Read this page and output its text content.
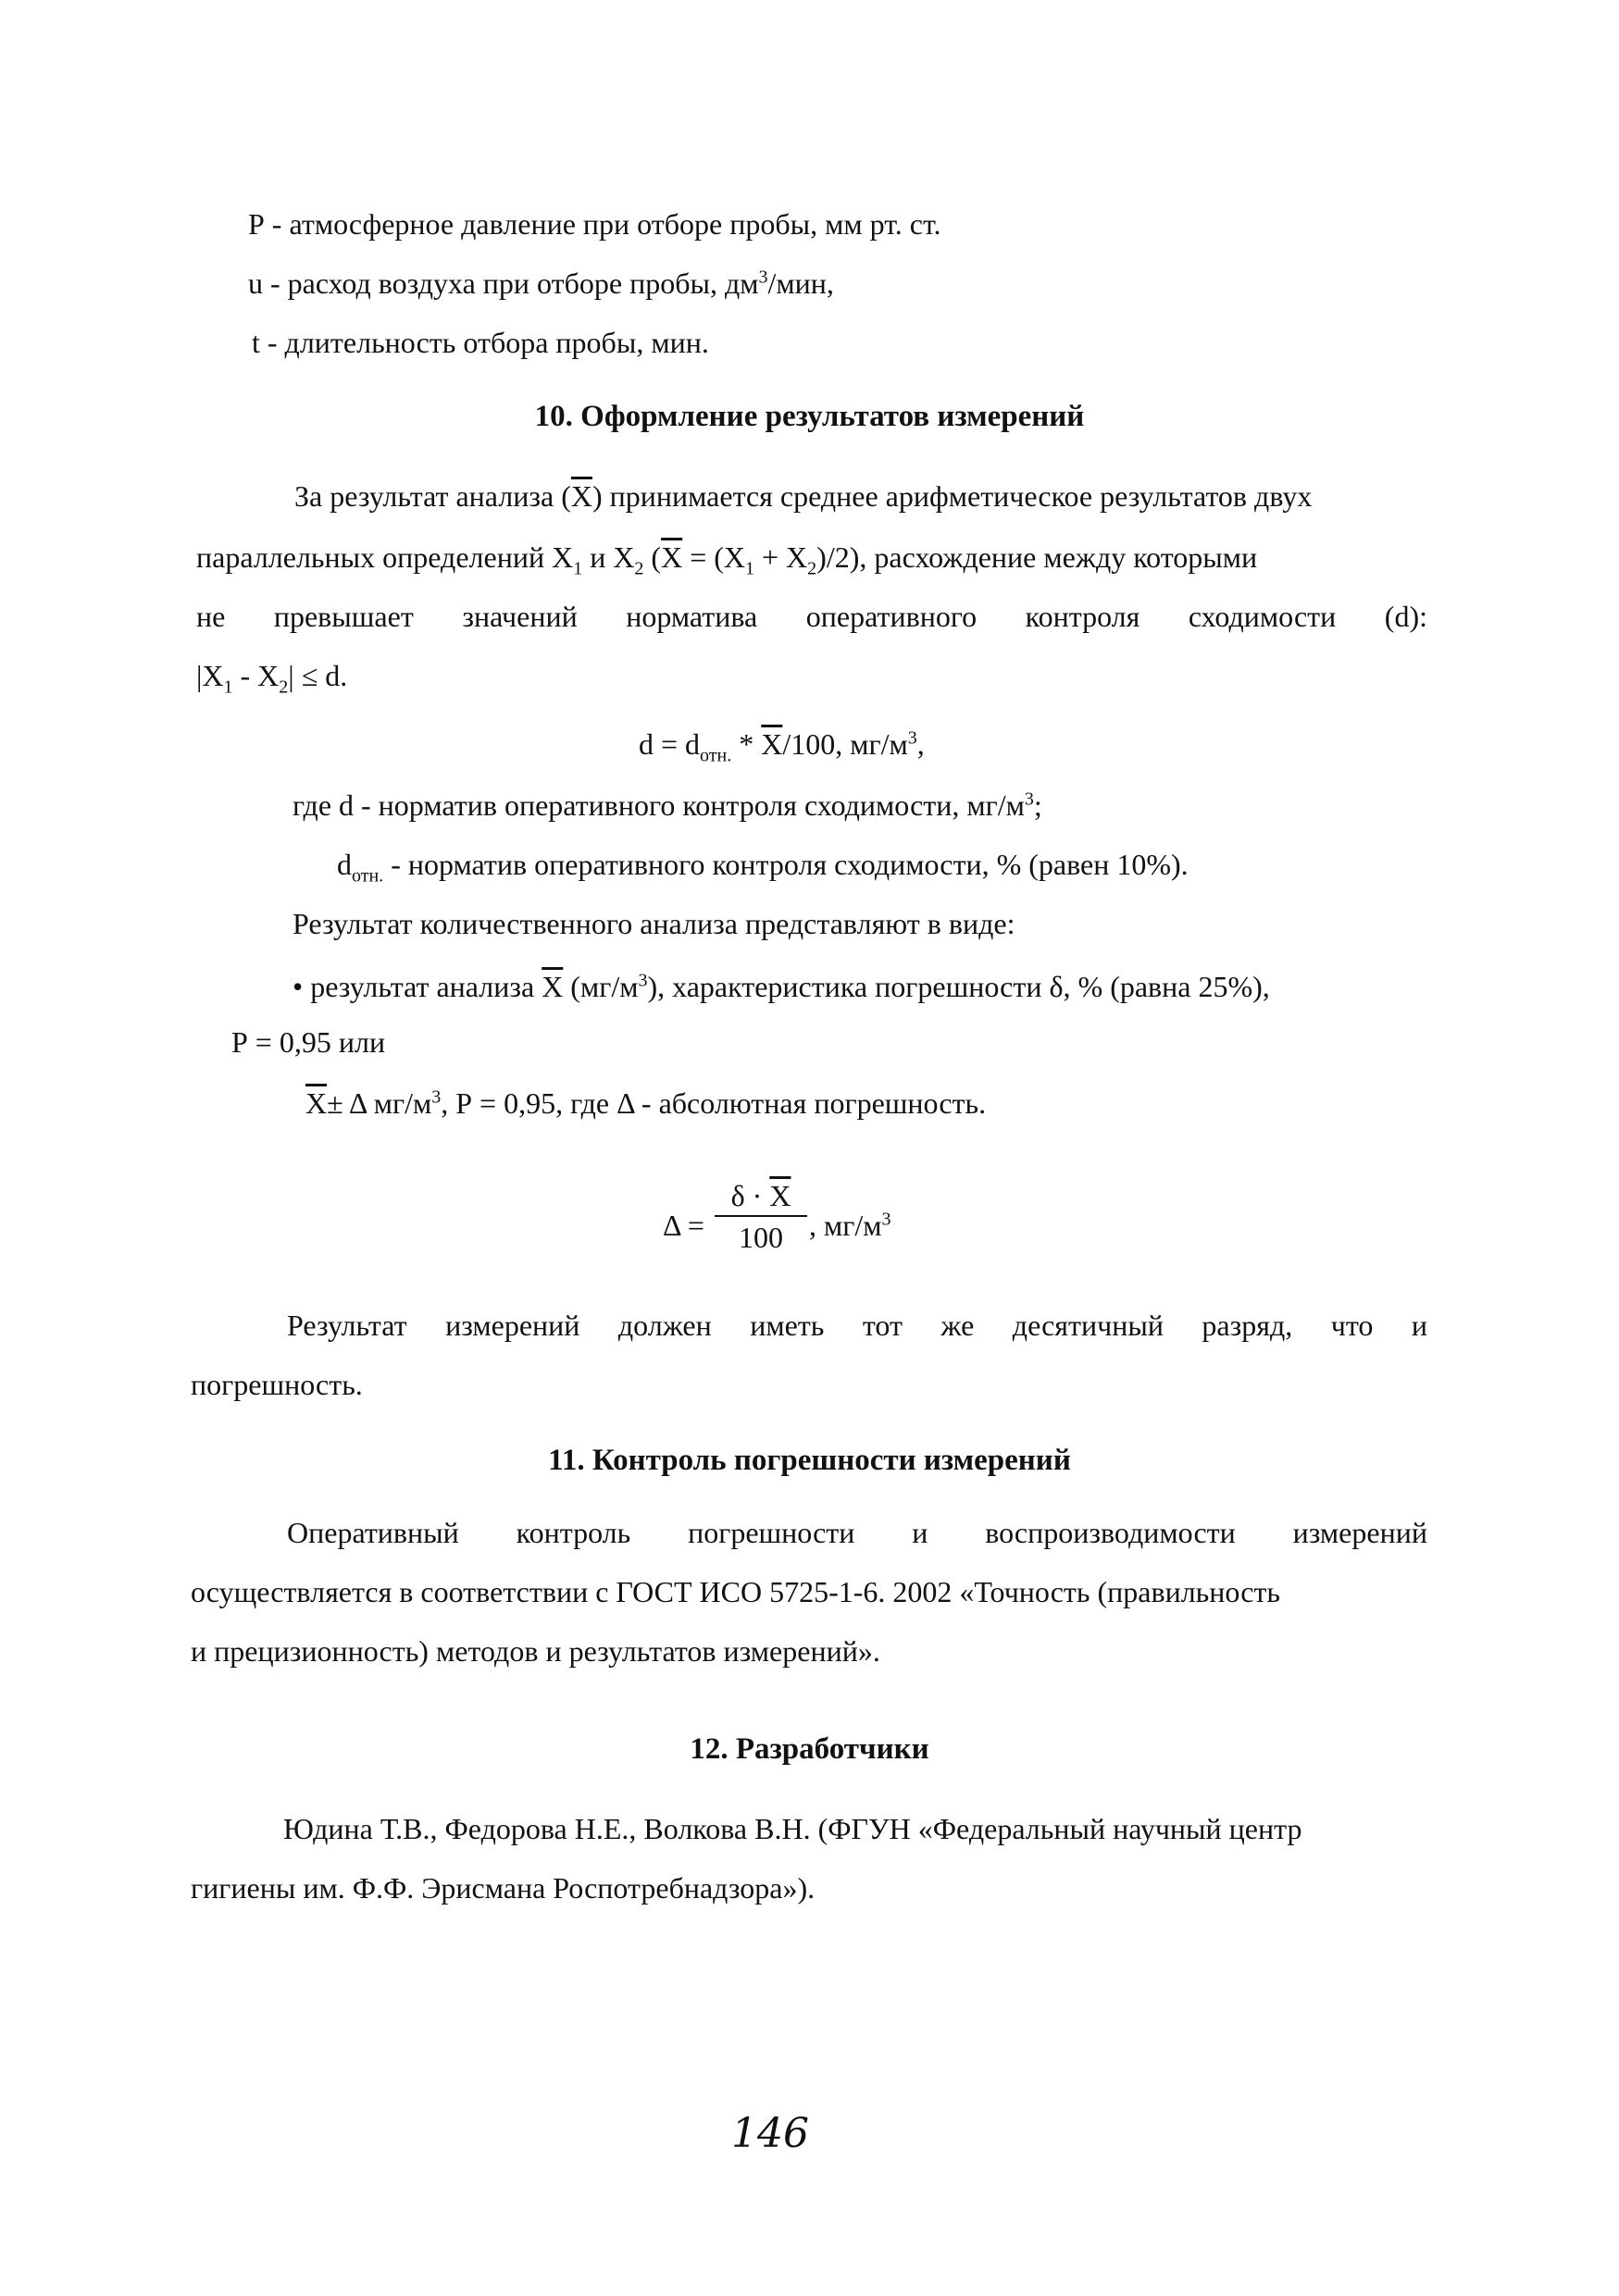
Р - атмосферное давление при отборе пробы, мм рт. ст.
u - расход воздуха при отборе пробы, $дм^3$/мин,
t - длительность отбора пробы, мин.
10. Оформление результатов измерений
За результат анализа $(\overline{X})$ принимается среднее арифметическое результатов двух
параллельных определений $X_1$ и $X_2$ $(\overline{X} = (X_1 + X_2)/2)$, расхождение между которыми
не превышает значений норматива оперативного контроля сходимости (d):
$|X_1 - X_2| \le d$.
$d = d_{отн.} * \overline{X}/100$, $мг/м^3$,
где d - норматив оперативного контроля сходимости, $мг/м^3$;
$d_{отн.}$ - норматив оперативного контроля сходимости, % (равен 10%).
Результат количественного анализа представляют в виде:
• результат анализа $\overline{X}$ $(мг/м^3)$, характеристика погрешности δ, % (равна 25%),
Р = 0,95 или
$\overline{X}\pm \Delta$ $мг/м^3$, Р = 0,95, где Δ - абсолютная погрешность.
$\Delta = \frac{\delta \cdot \overline{X}}{100}$ , $мг/м^3$
Результат измерений должен иметь тот же десятичный разряд, что и
погрешность.
11. Контроль погрешности измерений
Оперативный контроль погрешности и воспроизводимости измерений
осуществляется в соответствии с ГОСТ ИСО 5725-1-6. 2002 «Точность (правильность
и прецизионность) методов и результатов измерений».
12. Разработчики
Юдина Т.В., Федорова Н.Е., Волкова В.Н. (ФГУН «Федеральный научный центр
гигиены им. Ф.Ф. Эрисмана Роспотребнадзора»).
146
